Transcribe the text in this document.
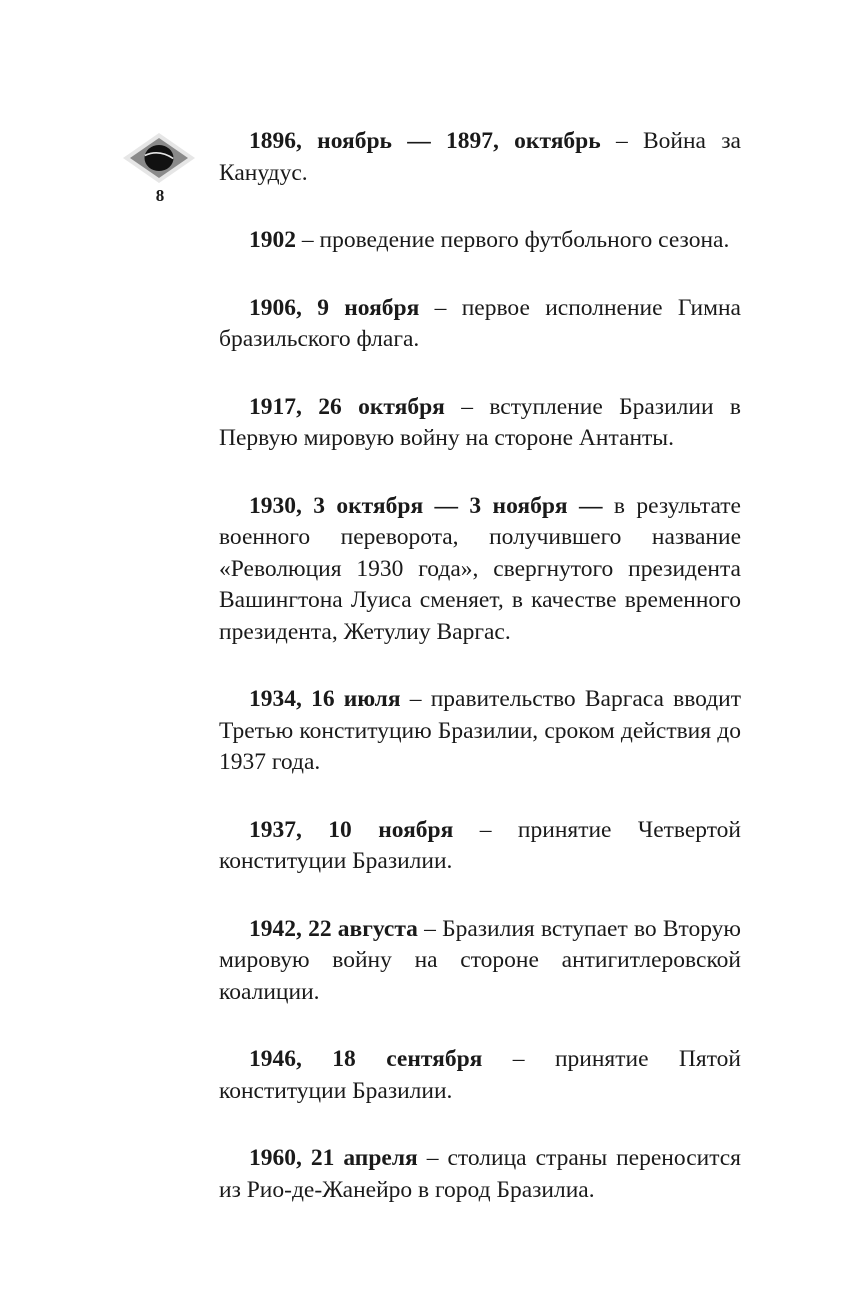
8

1896, ноябрь — 1897, октябрь – Война за Канудус.

1902 – проведение первого футбольного сезона.

1906, 9 ноября – первое исполнение Гимна бразильского флага.

1917, 26 октября – вступление Бразилии в Первую мировую войну на стороне Антанты.

1930, 3 октября — 3 ноября — в результате военного переворота, получившего название «Революция 1930 года», свергнутого президента Вашингтона Луиса сменяет, в качестве временного президента, Жетулиу Варгас.

1934, 16 июля – правительство Варгаса вводит Третью конституцию Бразилии, сроком действия до 1937 года.

1937, 10 ноября – принятие Четвертой конституции Бразилии.

1942, 22 августа – Бразилия вступает во Вторую мировую войну на стороне антигитлеровской коалиции.

1946, 18 сентября – принятие Пятой конституции Бразилии.

1960, 21 апреля – столица страны переносится из Рио-де-Жанейро в город Бразилиа.
